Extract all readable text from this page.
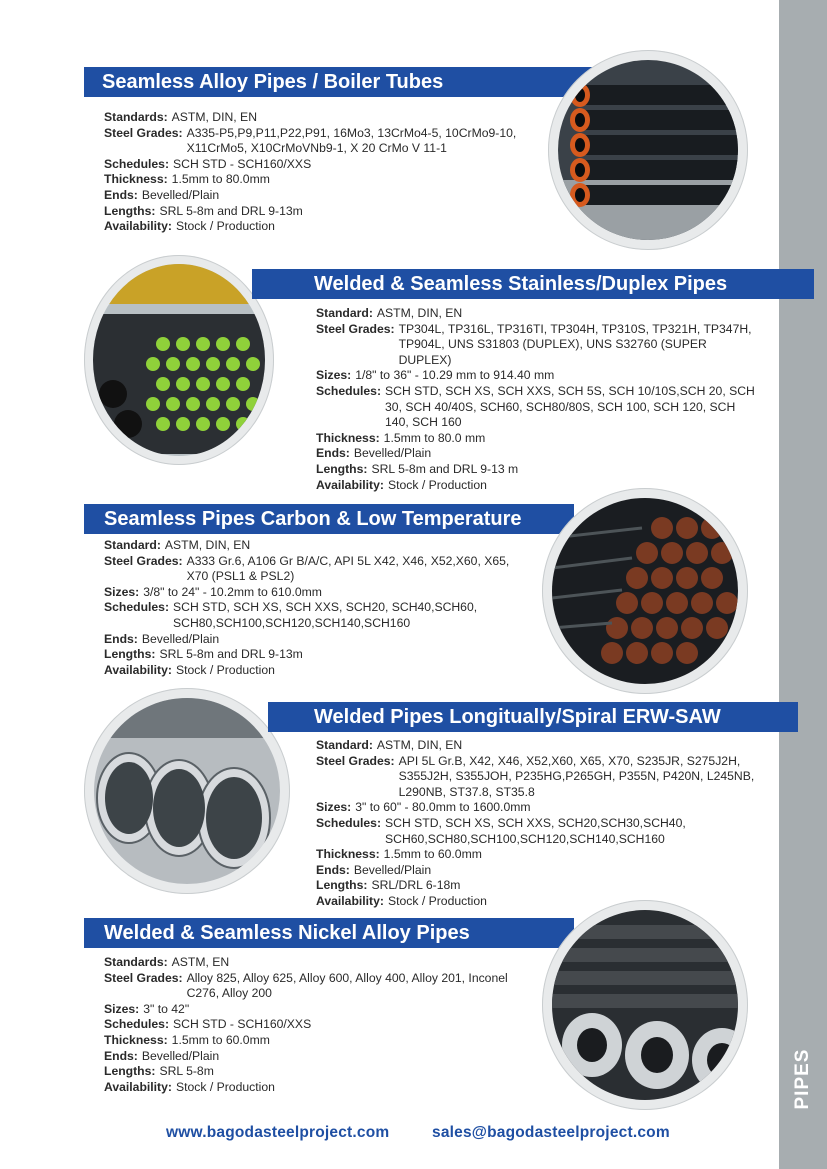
PIPES
Seamless Alloy Pipes / Boiler Tubes
Standards: ASTM, DIN, EN
Steel Grades: A335-P5,P9,P11,P22,P91, 16Mo3, 13CrMo4-5, 10CrMo9-10, X11CrMo5, X10CrMoVNb9-1, X 20 CrMo V 11-1
Schedules: SCH STD - SCH160/XXS
Thickness: 1.5mm to 80.0mm
Ends: Bevelled/Plain
Lengths: SRL 5-8m and DRL 9-13m
Availability: Stock / Production
Welded & Seamless Stainless/Duplex Pipes
Standard: ASTM, DIN, EN
Steel Grades: TP304L, TP316L, TP316TI, TP304H, TP310S, TP321H, TP347H, TP904L, UNS S31803 (DUPLEX), UNS S32760 (SUPER DUPLEX)
Sizes: 1/8" to 36" - 10.29 mm to 914.40 mm
Schedules: SCH STD, SCH XS, SCH XXS, SCH 5S, SCH 10/10S,SCH 20, SCH 30, SCH 40/40S, SCH60, SCH80/80S, SCH 100, SCH 120, SCH 140, SCH 160
Thickness: 1.5mm to 80.0 mm
Ends: Bevelled/Plain
Lengths: SRL 5-8m and DRL 9-13 m
Availability: Stock / Production
Seamless Pipes Carbon & Low Temperature
Standard: ASTM, DIN, EN
Steel Grades: A333 Gr.6, A106 Gr B/A/C, API 5L X42, X46, X52,X60, X65, X70 (PSL1 & PSL2)
Sizes: 3/8" to 24" - 10.2mm to 610.0mm
Schedules: SCH STD, SCH XS, SCH XXS, SCH20, SCH40,SCH60, SCH80,SCH100,SCH120,SCH140,SCH160
Ends: Bevelled/Plain
Lengths: SRL 5-8m and DRL 9-13m
Availability: Stock / Production
Welded Pipes Longitually/Spiral ERW-SAW
Standard: ASTM, DIN, EN
Steel Grades: API 5L Gr.B, X42, X46, X52,X60, X65, X70, S235JR, S275J2H, S355J2H, S355JOH, P235HG,P265GH, P355N, P420N, L245NB, L290NB, ST37.8, ST35.8
Sizes: 3" to 60" - 80.0mm to 1600.0mm
Schedules: SCH STD, SCH XS, SCH XXS, SCH20,SCH30,SCH40, SCH60,SCH80,SCH100,SCH120,SCH140,SCH160
Thickness: 1.5mm to 60.0mm
Ends: Bevelled/Plain
Lengths: SRL/DRL 6-18m
Availability: Stock / Production
Welded & Seamless Nickel Alloy Pipes
Standards: ASTM, EN
Steel Grades: Alloy 825, Alloy 625, Alloy 600, Alloy 400, Alloy 201, Inconel C276, Alloy 200
Sizes: 3" to 42"
Schedules: SCH STD - SCH160/XXS
Thickness: 1.5mm to 60.0mm
Ends: Bevelled/Plain
Lengths: SRL 5-8m
Availability: Stock / Production
www.bagodasteelproject.com	sales@bagodasteelproject.com
